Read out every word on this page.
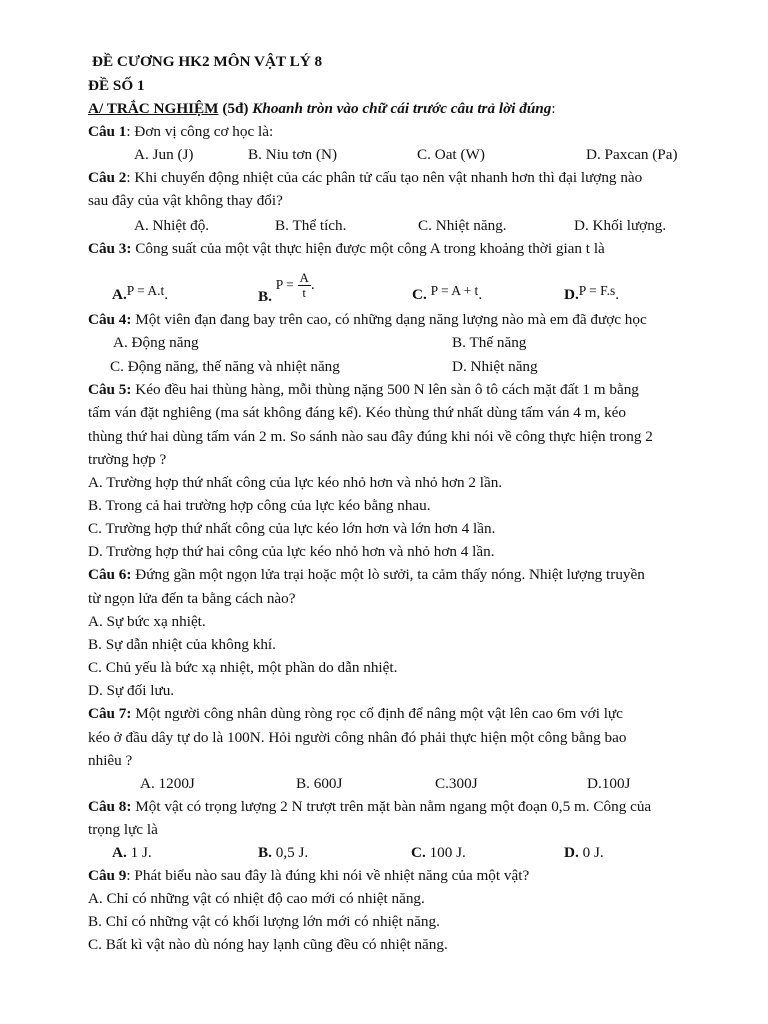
ĐỀ CƯƠNG HK2 MÔN VẬT LÝ 8
ĐỀ SỐ 1
A/ TRẮC NGHIỆM (5đ) Khoanh tròn vào chữ cái trước câu trả lời đúng:
Câu 1: Đơn vị công cơ học là:
A. Jun (J)	B. Niu tơn (N)	C. Oat (W)	D. Paxcan (Pa)
Câu 2: Khi chuyển động nhiệt của các phân tử cấu tạo nên vật nhanh hơn thì đại lượng nào
sau đây của vật không thay đổi?
A. Nhiệt độ.	B. Thể tích.	C. Nhiệt năng.	D. Khối lượng.
Câu 3: Công suất của một vật thực hiện được một công A trong khoảng thời gian t là
A.P = A.t.	B. $P = \frac{A}{t}$ .
C. P = A + t.	D.P = F.s.
Câu 4: Một viên đạn đang bay trên cao, có những dạng năng lượng nào mà em đã được học
A. Động năng	B. Thế năng
C. Động năng, thế năng và nhiệt năng	D. Nhiệt năng
Câu 5: Kéo đều hai thùng hàng, mỗi thùng nặng 500 N lên sàn ô tô cách mặt đất 1 m bằng
tấm ván đặt nghiêng (ma sát không đáng kể). Kéo thùng thứ nhất dùng tấm ván 4 m, kéo
thùng thứ hai dùng tấm ván 2 m. So sánh nào sau đây đúng khi nói về công thực hiện trong 2
trường hợp ?
A. Trường hợp thứ nhất công của lực kéo nhỏ hơn và nhỏ hơn 2 lần.
B. Trong cả hai trường hợp công của lực kéo bằng nhau.
C. Trường hợp thứ nhất công của lực kéo lớn hơn và lớn hơn 4 lần.
D. Trường hợp thứ hai công của lực kéo nhỏ hơn và nhỏ hơn 4 lần.
Câu 6: Đứng gần một ngọn lửa trại hoặc một lò sưởi, ta cảm thấy nóng. Nhiệt lượng truyền
từ ngọn lửa đến ta bằng cách nào?
A. Sự bức xạ nhiệt.
B. Sự dẫn nhiệt của không khí.
C. Chủ yếu là bức xạ nhiệt, một phần do dẫn nhiệt.
D. Sự đối lưu.
Câu 7: Một người công nhân dùng ròng rọc cố định để nâng một vật lên cao 6m với lực
kéo ở đầu dây tự do là 100N. Hỏi người công nhân đó phải thực hiện một công bằng bao
nhiêu ?
A. 1200J	B. 600J	C.300J	D.100J
Câu 8: Một vật có trọng lượng 2 N trượt trên mặt bàn nằm ngang một đoạn 0,5 m. Công của
trọng lực là
A. 1 J.	B. 0,5 J.	C. 100 J.	D. 0 J.
Câu 9: Phát biểu nào sau đây là đúng khi nói về nhiệt năng của một vật?
A. Chỉ có những vật có nhiệt độ cao mới có nhiệt năng.
B. Chỉ có những vật có khối lượng lớn mới có nhiệt năng.
C. Bất kì vật nào dù nóng hay lạnh cũng đều có nhiệt năng.
